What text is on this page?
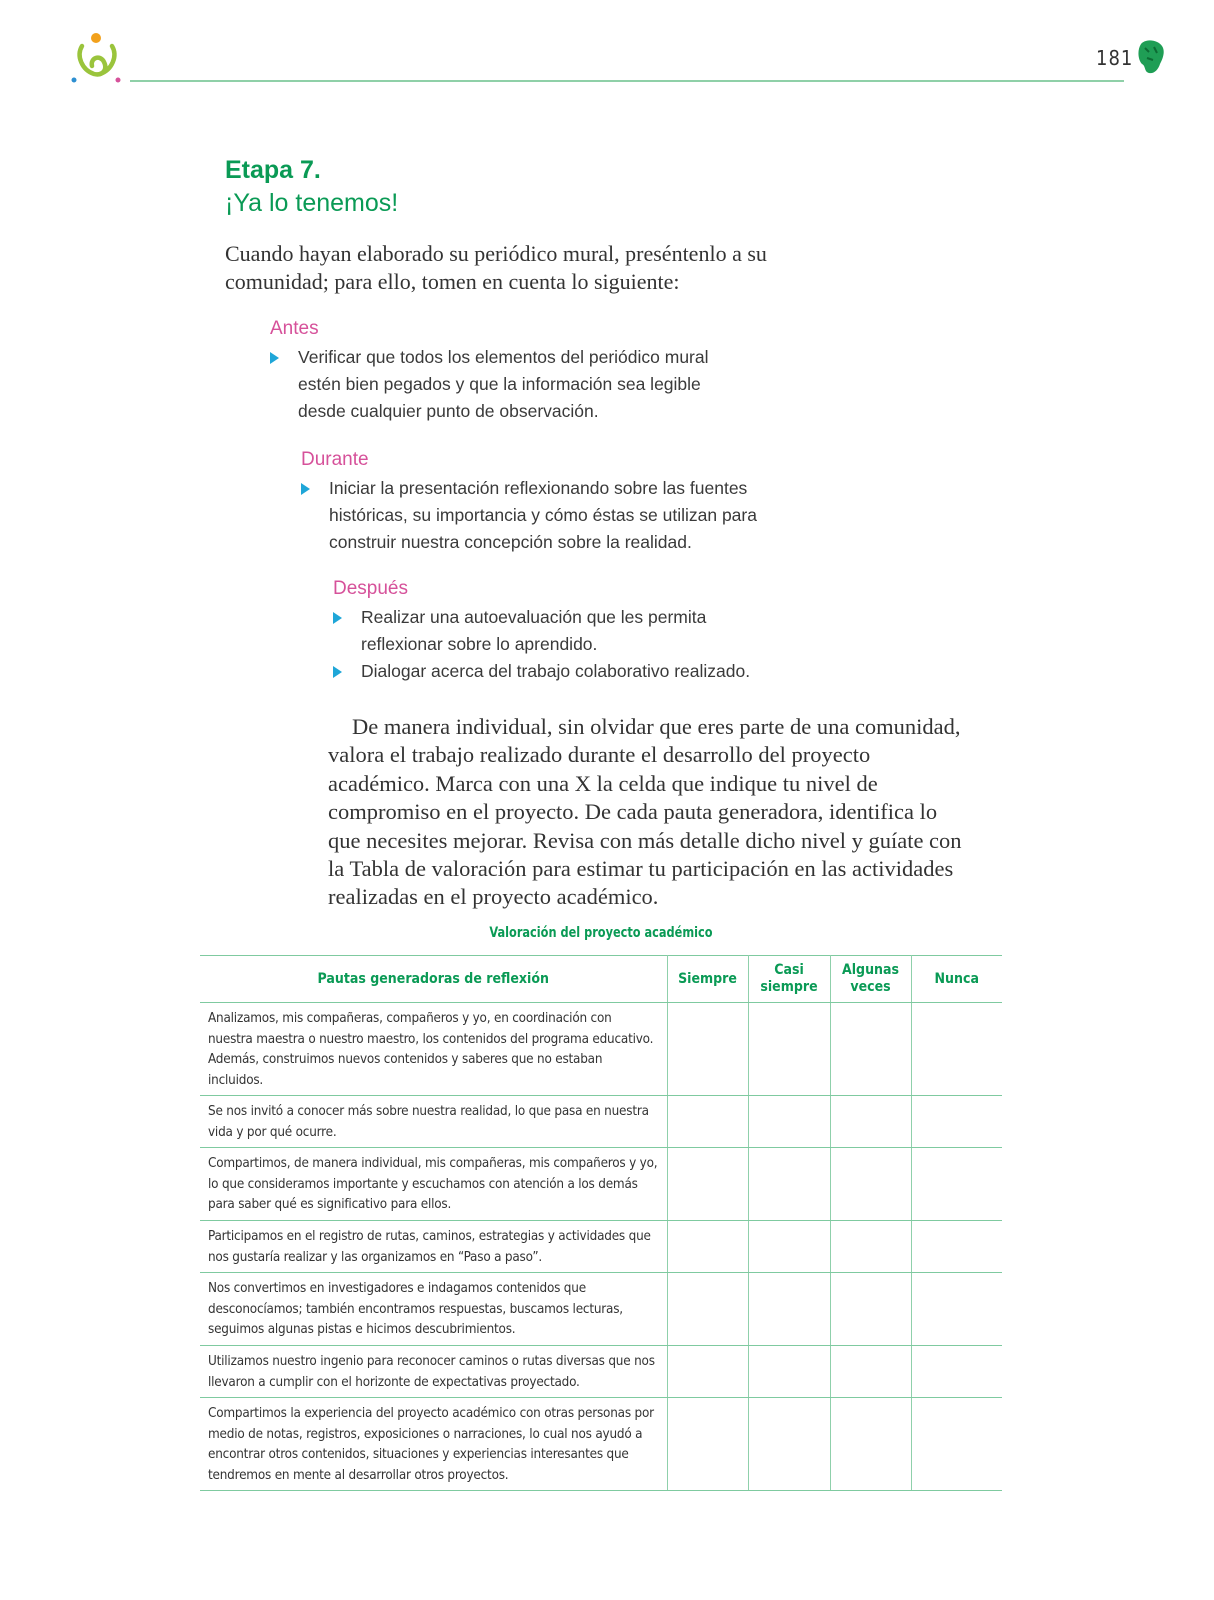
181
Etapa 7.
¡Ya lo tenemos!
Cuando hayan elaborado su periódico mural, preséntenlo a su comunidad; para ello, tomen en cuenta lo siguiente:
Antes
Verificar que todos los elementos del periódico mural estén bien pegados y que la información sea legible desde cualquier punto de observación.
Durante
Iniciar la presentación reflexionando sobre las fuentes históricas, su importancia y cómo éstas se utilizan para construir nuestra concepción sobre la realidad.
Después
Realizar una autoevaluación que les permita reflexionar sobre lo aprendido.
Dialogar acerca del trabajo colaborativo realizado.
De manera individual, sin olvidar que eres parte de una comunidad, valora el trabajo realizado durante el desarrollo del proyecto académico. Marca con una X la celda que indique tu nivel de compromiso en el proyecto. De cada pauta generadora, identifica lo que necesites mejorar. Revisa con más detalle dicho nivel y guíate con la Tabla de valoración para estimar tu participación en las actividades realizadas en el proyecto académico.
Valoración del proyecto académico
Pautas generadoras de reflexión	Siempre	Casi siempre	Algunas veces	Nunca
Analizamos, mis compañeras, compañeros y yo, en coordinación con nuestra maestra o nuestro maestro, los contenidos del programa educativo. Además, construimos nuevos contenidos y saberes que no estaban incluidos.				
Se nos invitó a conocer más sobre nuestra realidad, lo que pasa en nuestra vida y por qué ocurre.				
Compartimos, de manera individual, mis compañeras, mis compañeros y yo, lo que consideramos importante y escuchamos con atención a los demás para saber qué es significativo para ellos.				
Participamos en el registro de rutas, caminos, estrategias y actividades que nos gustaría realizar y las organizamos en “Paso a paso”.				
Nos convertimos en investigadores e indagamos contenidos que desconocíamos; también encontramos respuestas, buscamos lecturas, seguimos algunas pistas e hicimos descubrimientos.				
Utilizamos nuestro ingenio para reconocer caminos o rutas diversas que nos llevaron a cumplir con el horizonte de expectativas proyectado.				
Compartimos la experiencia del proyecto académico con otras personas por medio de notas, registros, exposiciones o narraciones, lo cual nos ayudó a encontrar otros contenidos, situaciones y experiencias interesantes que tendremos en mente al desarrollar otros proyectos.				
